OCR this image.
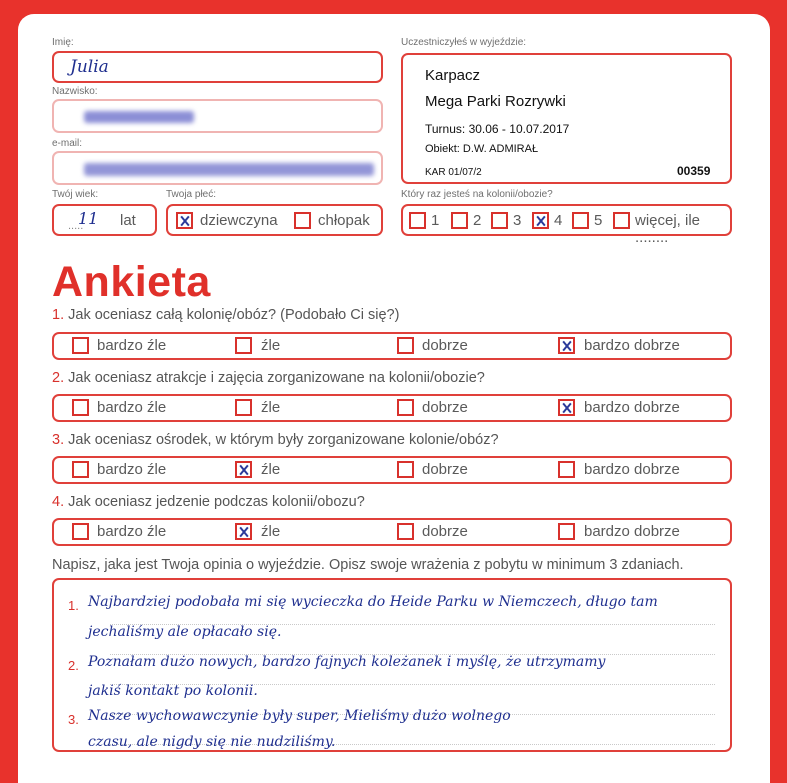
Imię:
Julia
Nazwisko:
e-mail:
Twój wiek:
.....
11 lat
Twoja płeć:
dziewczyna	chłopak
Uczestniczyłeś w wyjeździe:
Karpacz
Mega Parki Rozrywki
Turnus: 30.06 - 10.07.2017
Obiekt: D.W. ADMIRAŁ
KAR 01/07/2	00359
Który raz jesteś na kolonii/obozie?
1 2 3 4 5 więcej, ile ........
Ankieta
1. Jak oceniasz całą kolonię/obóz? (Podobało Ci się?)
bardzo źle	źle	dobrze	bardzo dobrze
2. Jak oceniasz atrakcje i zajęcia zorganizowane na kolonii/obozie?
bardzo źle	źle	dobrze	bardzo dobrze
3. Jak oceniasz ośrodek, w którym były zorganizowane kolonie/obóz?
bardzo źle	źle	dobrze	bardzo dobrze
4. Jak oceniasz jedzenie podczas kolonii/obozu?
bardzo źle	źle	dobrze	bardzo dobrze
Napisz, jaka jest Twoja opinia o wyjeździe. Opisz swoje wrażenia z pobytu w minimum 3 zdaniach.
1. Najbardziej podobała mi się wycieczka do Heide Parku w Niemczech, długo tam
jechaliśmy ale opłacało się.
2. Poznałam dużo nowych, bardzo fajnych koleżanek i myślę, że utrzymamy
jakiś kontakt po kolonii.
3. Nasze wychowawczynie były super, Mieliśmy dużo wolnego
czasu, ale nigdy się nie nudziliśmy.
